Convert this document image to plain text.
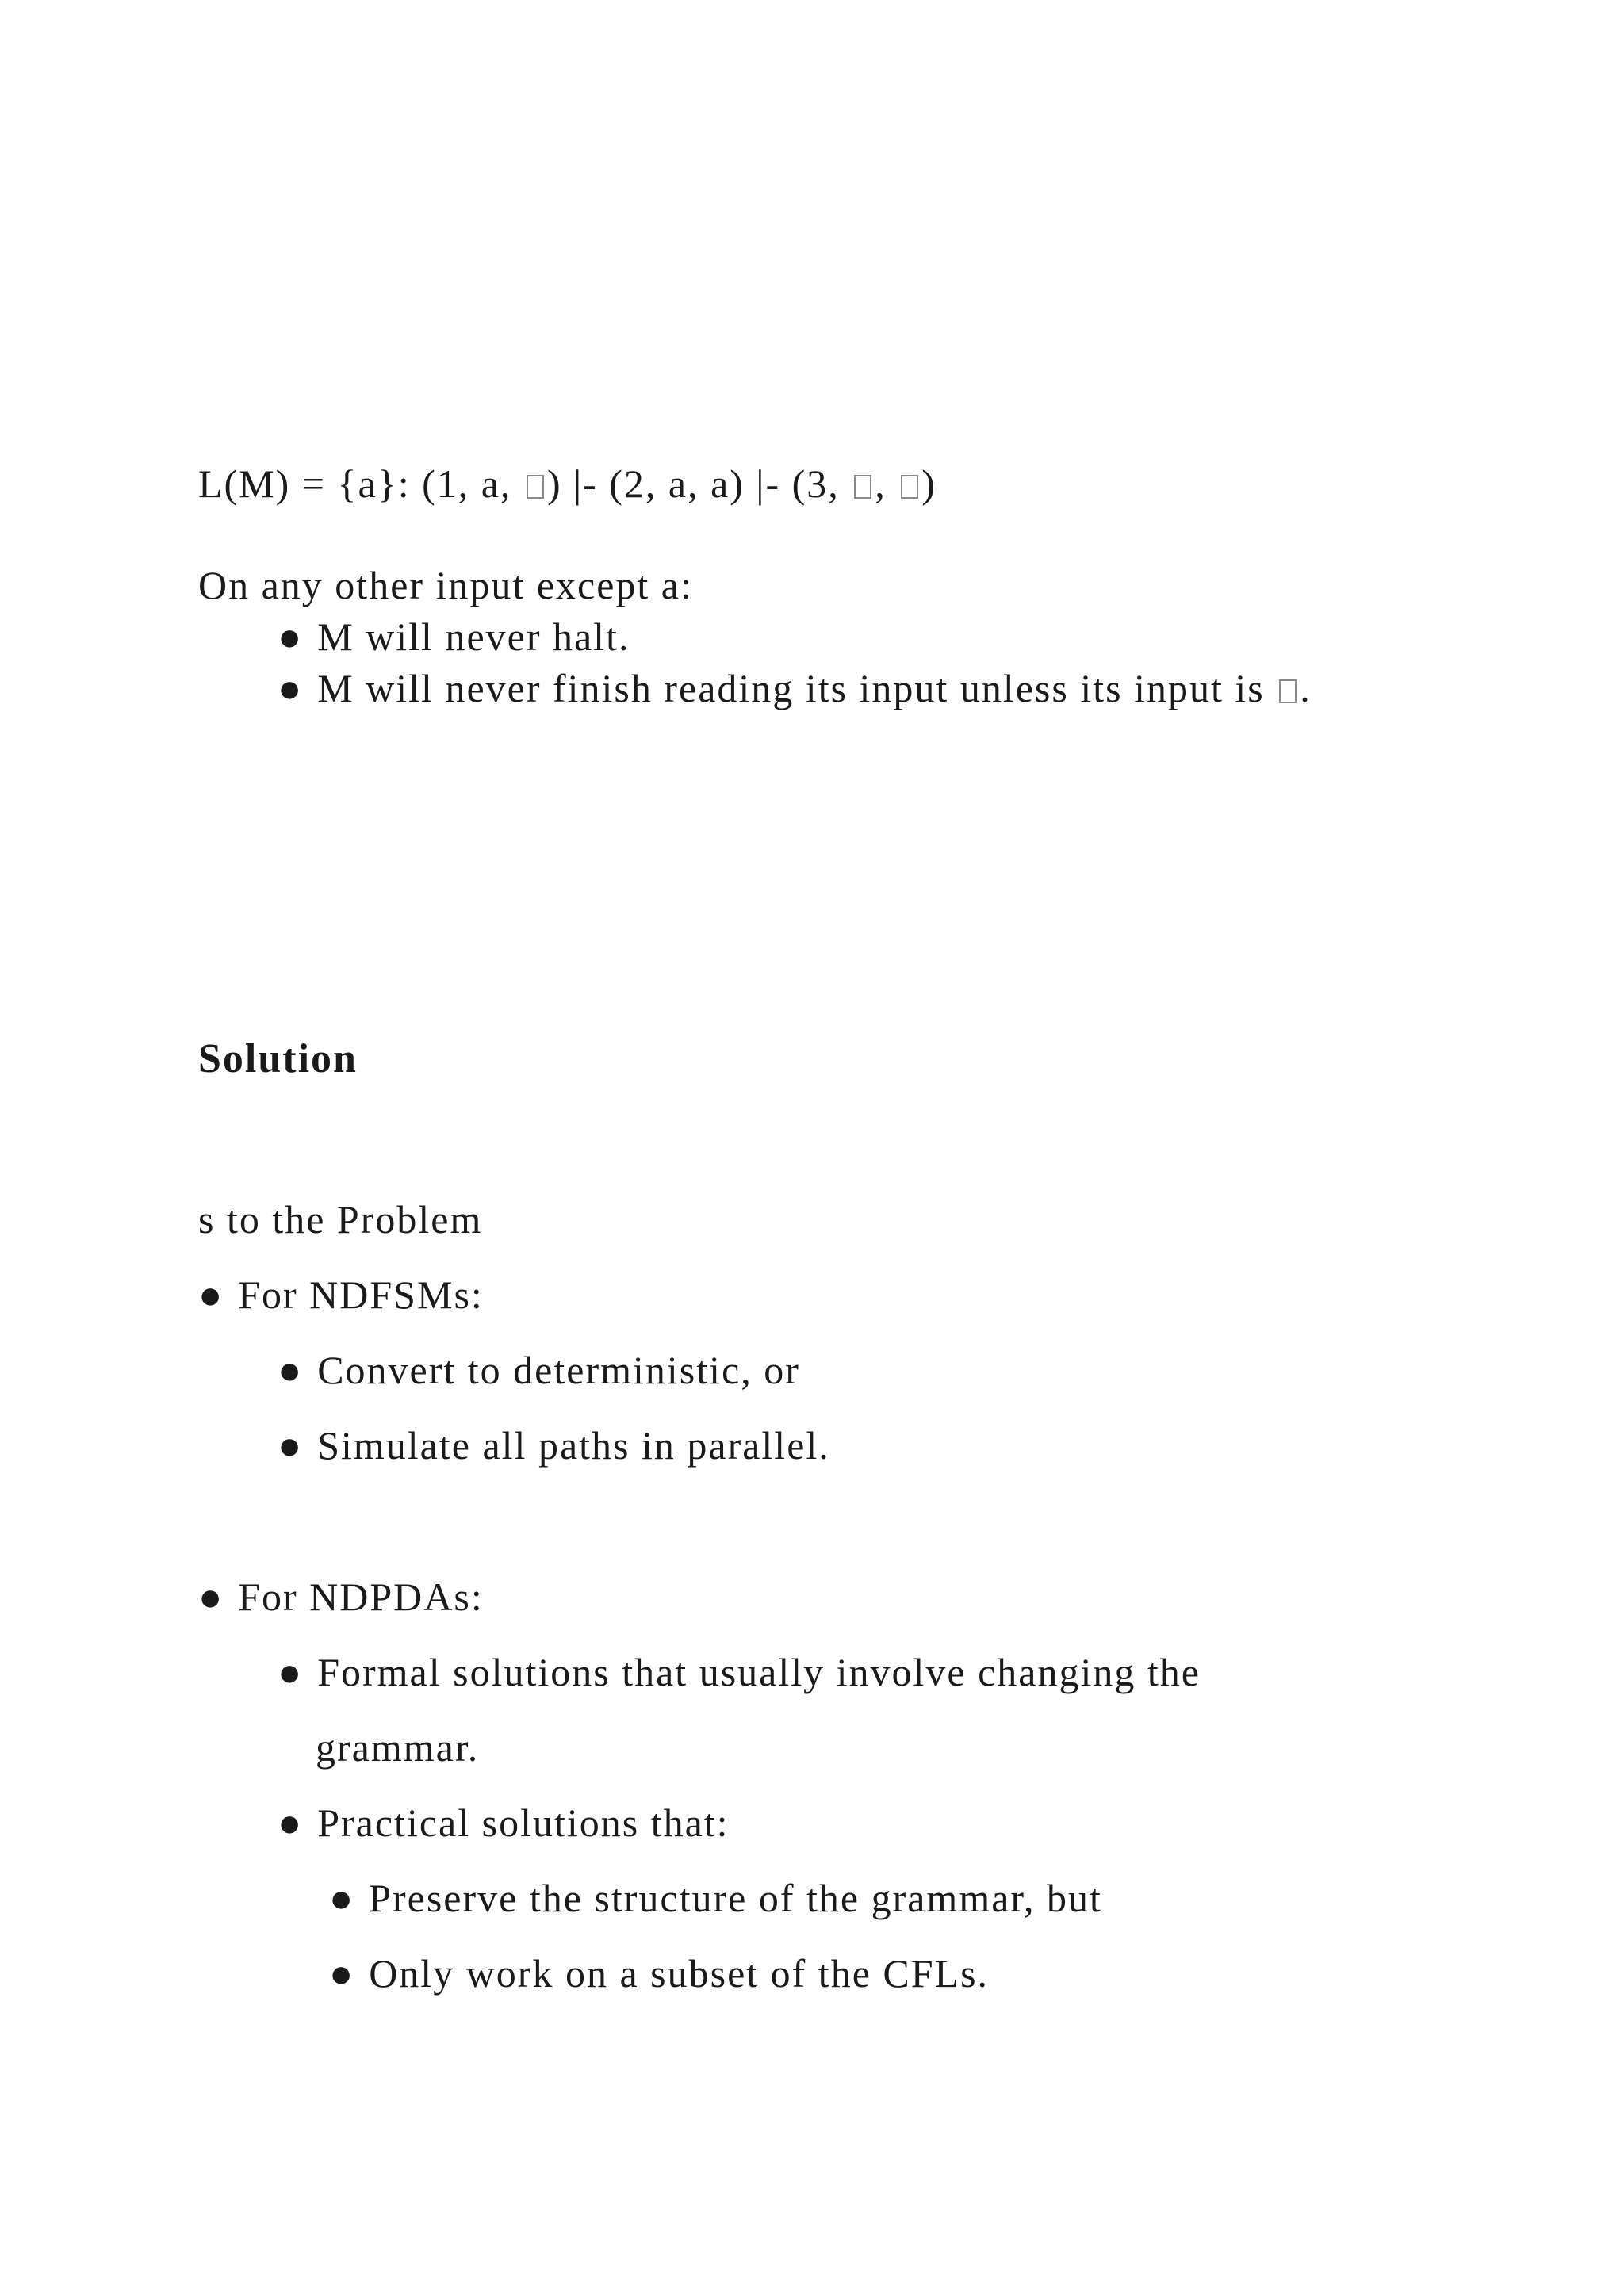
L(M) = {a}: (1, a, ) |- (2, a, a) |- (3, , )
On any other input except a:
● M will never halt.
● M will never finish reading its input unless its input is .
Solution
s to the Problem
● For NDFSMs:
● Convert to deterministic, or
● Simulate all paths in parallel.
● For NDPDAs:
● Formal solutions that usually involve changing the
grammar.
● Practical solutions that:
● Preserve the structure of the grammar, but
● Only work on a subset of the CFLs.
